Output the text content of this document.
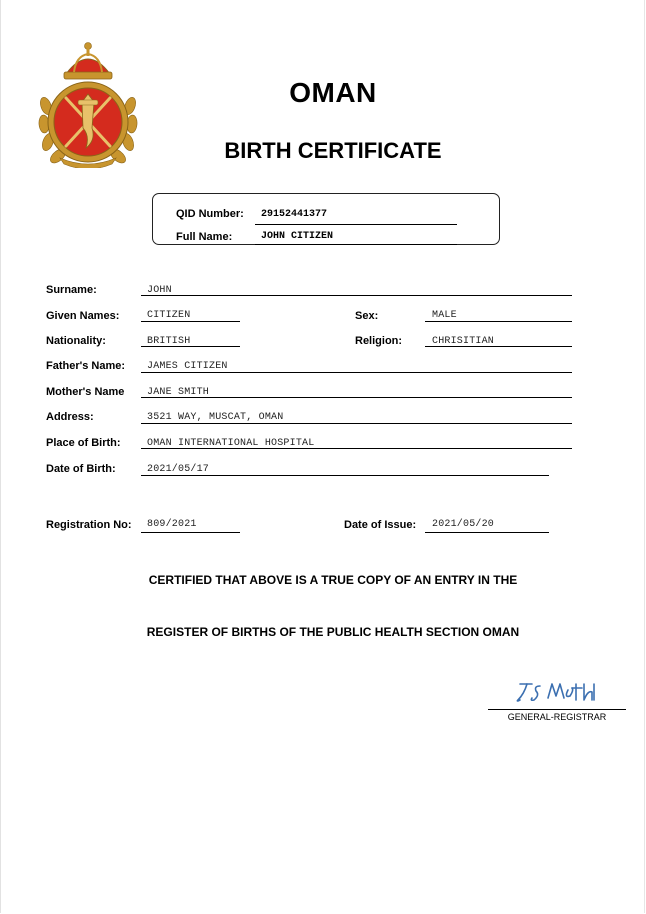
OMAN
BIRTH CERTIFICATE
QID Number: 29152441377
Full Name:	JOHN CITIZEN
Surname:	JOHN
Given Names:	CITIZEN	Sex:	MALE
Nationality:	BRITISH	Religion:	CHRISITIAN
Father's Name: JAMES CITIZEN
Mother's Name JANE SMITH
Address:	3521 WAY, MUSCAT, OMAN
Place of Birth:	OMAN INTERNATIONAL HOSPITAL
Date of Birth:	2021/05/17
Registration No: 809/2021	Date of Issue: 2021/05/20
CERTIFIED THAT ABOVE IS A TRUE COPY OF AN ENTRY IN THE
REGISTER OF BIRTHS OF THE PUBLIC HEALTH SECTION OMAN
GENERAL-REGISTRAR
